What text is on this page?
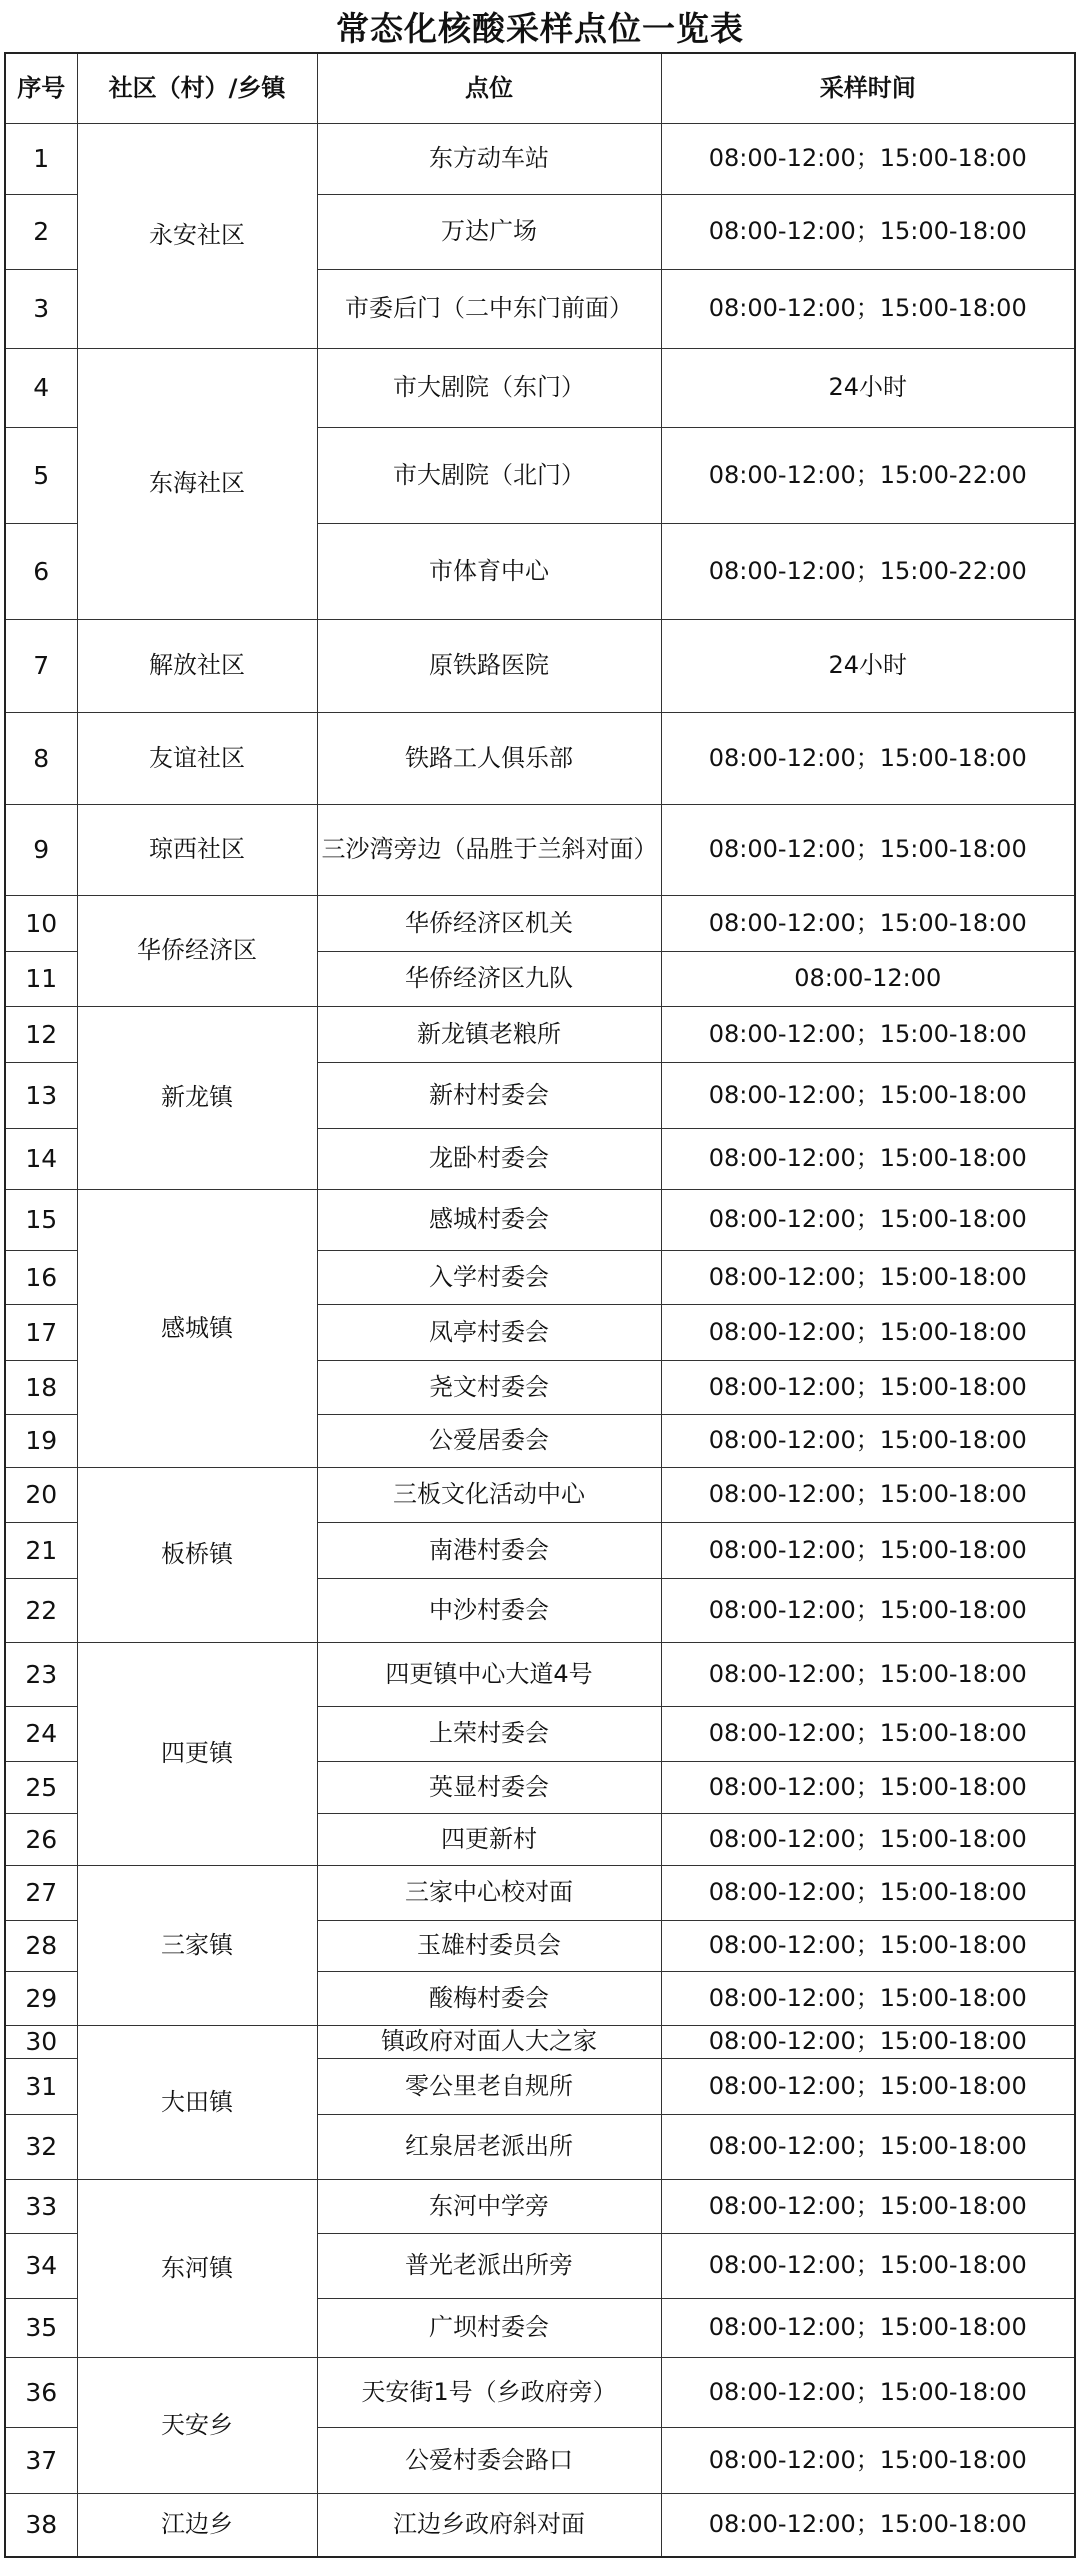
常态化核酸采样点位一览表
序号	社区（村）/乡镇	点位	采样时间
1	永安社区	东方动车站	08:00-12:00；15:00-18:00
2		万达广场	08:00-12:00；15:00-18:00
3		市委后门（二中东门前面）	08:00-12:00；15:00-18:00
4	东海社区	市大剧院（东门）	24小时
5		市大剧院（北门）	08:00-12:00；15:00-22:00
6		市体育中心	08:00-12:00；15:00-22:00
7	解放社区	原铁路医院	24小时
8	友谊社区	铁路工人俱乐部	08:00-12:00；15:00-18:00
9	琼西社区	三沙湾旁边（品胜于兰斜对面）	08:00-12:00；15:00-18:00
10	华侨经济区	华侨经济区机关	08:00-12:00；15:00-18:00
11		华侨经济区九队	08:00-12:00
12	新龙镇	新龙镇老粮所	08:00-12:00；15:00-18:00
13		新村村委会	08:00-12:00；15:00-18:00
14		龙卧村委会	08:00-12:00；15:00-18:00
15	感城镇	感城村委会	08:00-12:00；15:00-18:00
16		入学村委会	08:00-12:00；15:00-18:00
17		凤亭村委会	08:00-12:00；15:00-18:00
18		尧文村委会	08:00-12:00；15:00-18:00
19		公爱居委会	08:00-12:00；15:00-18:00
20	板桥镇	三板文化活动中心	08:00-12:00；15:00-18:00
21		南港村委会	08:00-12:00；15:00-18:00
22		中沙村委会	08:00-12:00；15:00-18:00
23	四更镇	四更镇中心大道4号	08:00-12:00；15:00-18:00
24		上荣村委会	08:00-12:00；15:00-18:00
25		英显村委会	08:00-12:00；15:00-18:00
26		四更新村	08:00-12:00；15:00-18:00
27	三家镇	三家中心校对面	08:00-12:00；15:00-18:00
28		玉雄村委员会	08:00-12:00；15:00-18:00
29		酸梅村委会	08:00-12:00；15:00-18:00
30	大田镇	镇政府对面人大之家	08:00-12:00；15:00-18:00
31		零公里老自规所	08:00-12:00；15:00-18:00
32		红泉居老派出所	08:00-12:00；15:00-18:00
33	东河镇	东河中学旁	08:00-12:00；15:00-18:00
34		普光老派出所旁	08:00-12:00；15:00-18:00
35		广坝村委会	08:00-12:00；15:00-18:00
36	天安乡	天安街1号（乡政府旁）	08:00-12:00；15:00-18:00
37		公爱村委会路口	08:00-12:00；15:00-18:00
38	江边乡	江边乡政府斜对面	08:00-12:00；15:00-18:00
